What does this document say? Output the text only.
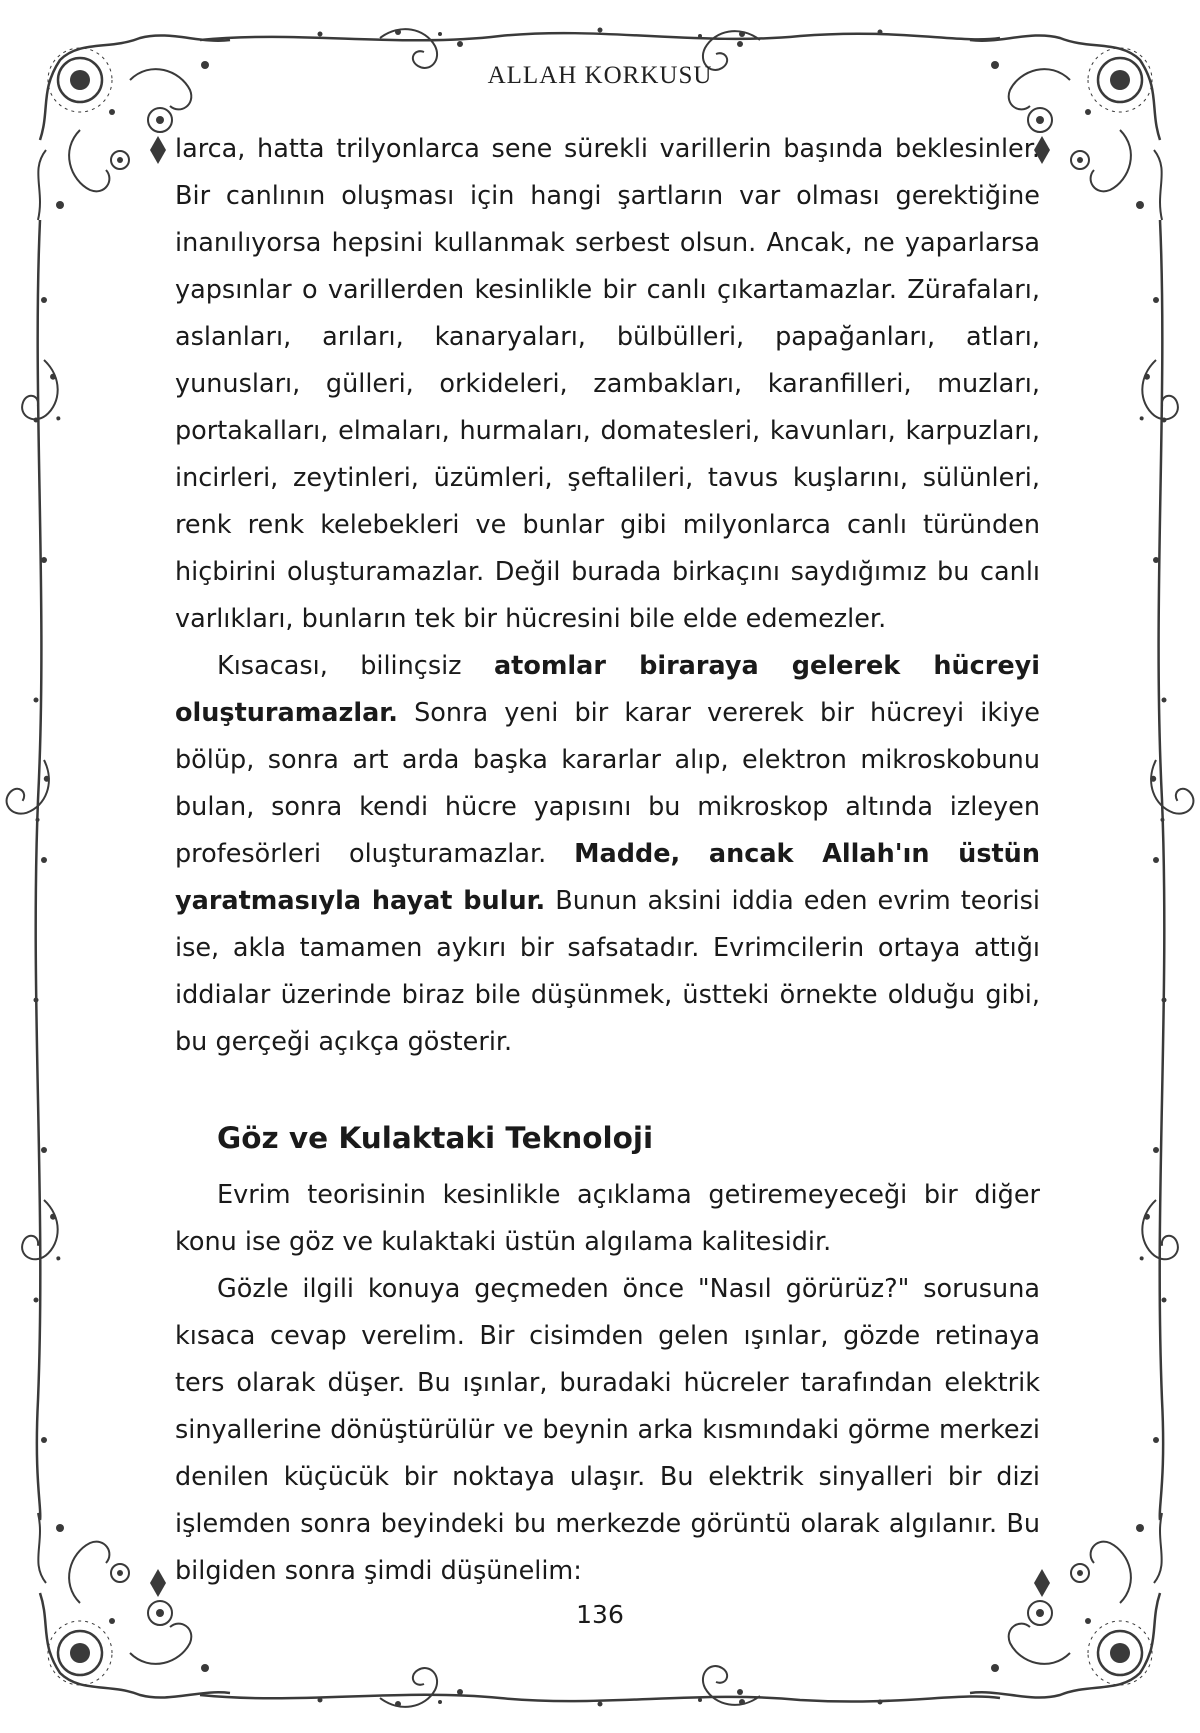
ALLAH KORKUSU

larca, hatta trilyonlarca sene sürekli varillerin başında beklesinler. Bir canlının oluşması için hangi şartların var olması gerektiğine inanılıyorsa hepsini kullanmak serbest olsun. Ancak, ne yaparlarsa yapsınlar o varillerden kesinlikle bir canlı çıkartamazlar. Zürafaları, aslanları, arıları, kanaryaları, bülbülleri, papağanları, atları, yunusları, gülleri, orkideleri, zambakları, karanfilleri, muzları, portakalları, elmaları, hurmaları, domatesleri, kavunları, karpuzları, incirleri, zeytinleri, üzümleri, şeftalileri, tavus kuşlarını, sülünleri, renk renk kelebekleri ve bunlar gibi milyonlarca canlı türünden hiçbirini oluşturamazlar. Değil burada birkaçını saydığımız bu canlı varlıkları, bunların tek bir hücresini bile elde edemezler.

Kısacası, bilinçsiz atomlar biraraya gelerek hücreyi oluşturamazlar. Sonra yeni bir karar vererek bir hücreyi ikiye bölüp, sonra art arda başka kararlar alıp, elektron mikroskobunu bulan, sonra kendi hücre yapısını bu mikroskop altında izleyen profesörleri oluşturamazlar. Madde, ancak Allah'ın üstün yaratmasıyla hayat bulur. Bunun aksini iddia eden evrim teorisi ise, akla tamamen aykırı bir safsatadır. Evrimcilerin ortaya attığı iddialar üzerinde biraz bile düşünmek, üstteki örnekte olduğu gibi, bu gerçeği açıkça gösterir.

Göz ve Kulaktaki Teknoloji

Evrim teorisinin kesinlikle açıklama getiremeyeceği bir diğer konu ise göz ve kulaktaki üstün algılama kalitesidir.

Gözle ilgili konuya geçmeden önce "Nasıl görürüz?" sorusuna kısaca cevap verelim. Bir cisimden gelen ışınlar, gözde retinaya ters olarak düşer. Bu ışınlar, buradaki hücreler tarafından elektrik sinyallerine dönüştürülür ve beynin arka kısmındaki görme merkezi denilen küçücük bir noktaya ulaşır. Bu elektrik sinyalleri bir dizi işlemden sonra beyindeki bu merkezde görüntü olarak algılanır. Bu bilgiden sonra şimdi düşünelim:

136
